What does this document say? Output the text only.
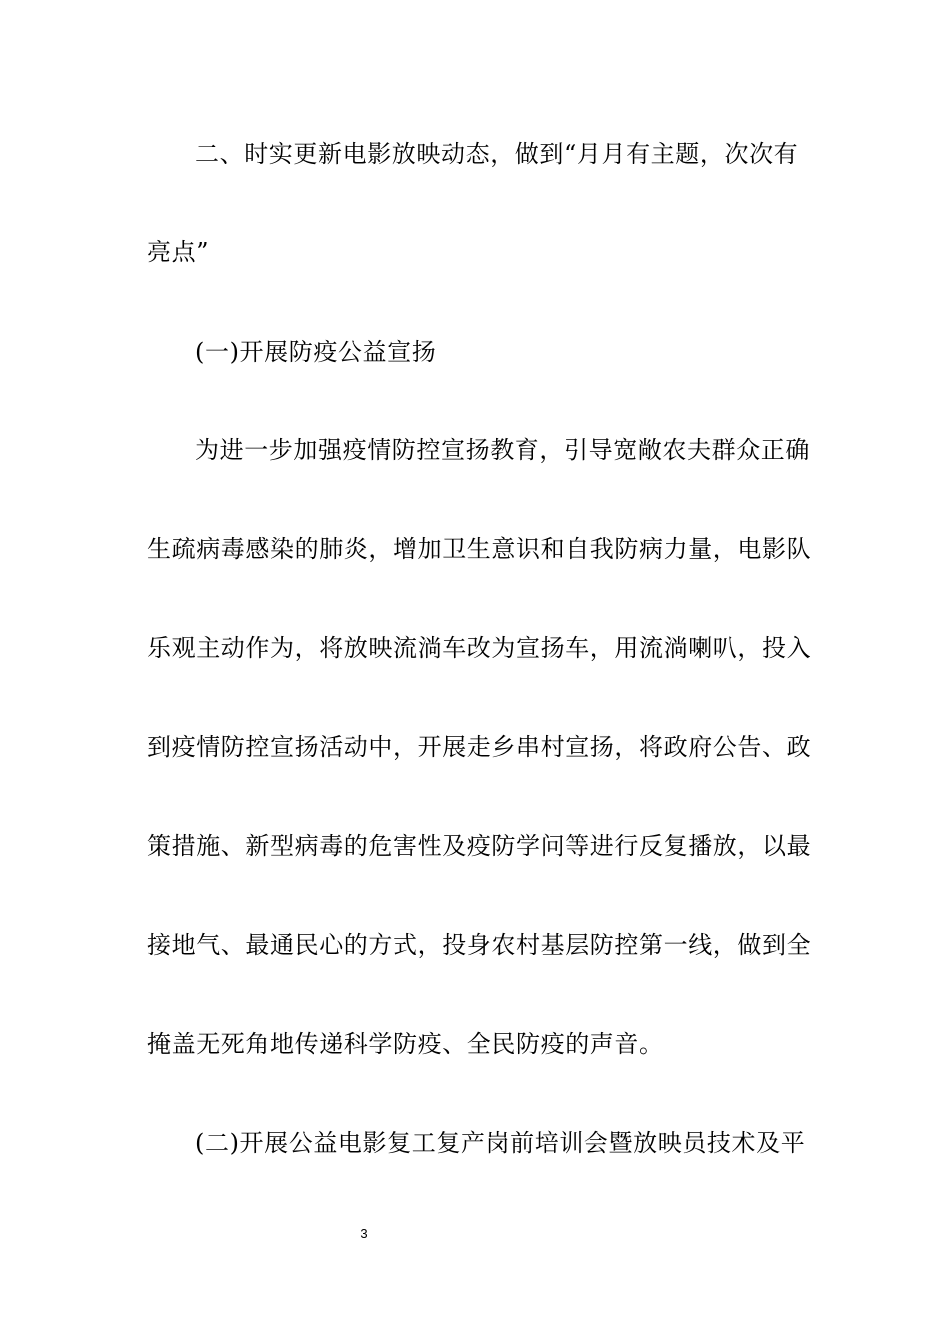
二、时实更新电影放映动态，做到“月月有主题，次次有
亮点”
(一)开展防疫公益宣扬
为进一步加强疫情防控宣扬教育，引导宽敞农夫群众正确
生疏病毒感染的肺炎，增加卫生意识和自我防病力量，电影队
乐观主动作为，将放映流淌车改为宣扬车，用流淌喇叭，投入
到疫情防控宣扬活动中，开展走乡串村宣扬，将政府公告、政
策措施、新型病毒的危害性及疫防学问等进行反复播放，以最
接地气、最通民心的方式，投身农村基层防控第一线，做到全
掩盖无死角地传递科学防疫、全民防疫的声音。
(二)开展公益电影复工复产岗前培训会暨放映员技术及平
3
